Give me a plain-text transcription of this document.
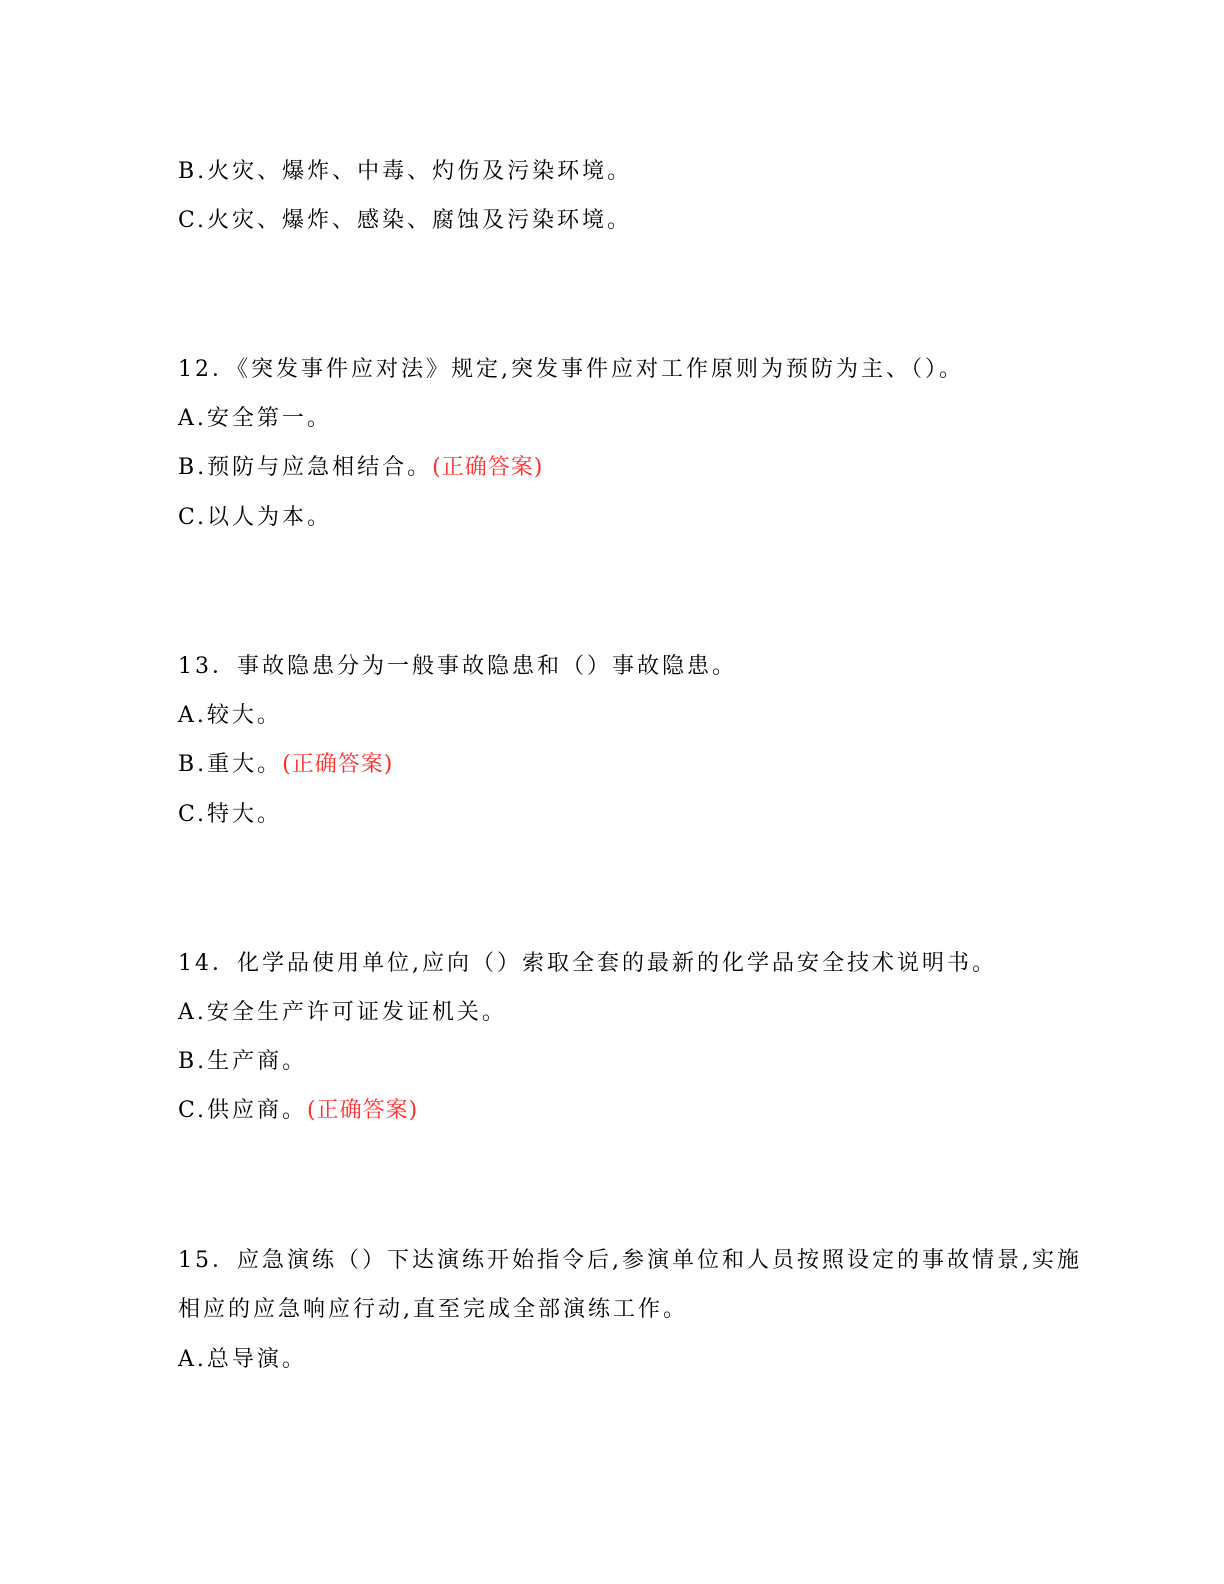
B.火灾、爆炸、中毒、灼伤及污染环境。
C.火灾、爆炸、感染、腐蚀及污染环境。
12．《突发事件应对法》规定,突发事件应对工作原则为预防为主、（）。
A.安全第一。
B.预防与应急相结合。(正确答案)
C.以人为本。
13．事故隐患分为一般事故隐患和（）事故隐患。
A.较大。
B.重大。(正确答案)
C.特大。
14．化学品使用单位,应向（）索取全套的最新的化学品安全技术说明书。
A.安全生产许可证发证机关。
B.生产商。
C.供应商。(正确答案)
15．应急演练（）下达演练开始指令后,参演单位和人员按照设定的事故情景,实施
相应的应急响应行动,直至完成全部演练工作。
A.总导演。
